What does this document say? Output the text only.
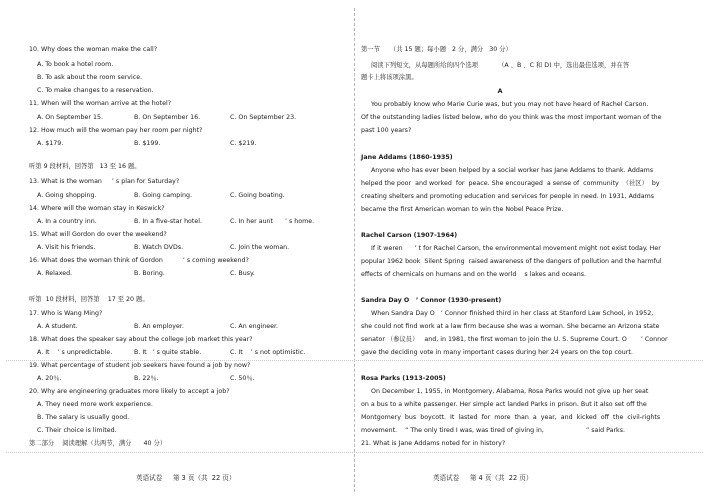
10. Why does the woman make the call?
A. To book a hotel room.
B. To ask about the room service.
C. To make changes to a reservation.
11. When will the woman arrive at the hotel?
A. On September 15.	B. On September 16.	C. On September 23.
12. How much will the woman pay her room per night?
A. $179.	B. $199.	C. $219.
听第 9 段材料，回答第   13 至 16 题。
13. What is the woman     ’ s plan for Saturday?
A. Going shopping.	B. Going camping.	C. Going boating.
14. Where will the woman stay in Keswick?
A. In a country inn.	B. In a five-star hotel.	C. In her aunt      ’ s home.
15. What will Gordon do over the weekend?
A. Visit his friends.	B. Watch DVDs.	C. Join the woman.
16. What does the woman think of Gordon          ’ s coming weekend?
A. Relaxed.	B. Boring.	C. Busy.
听第  10 段材料，回答第    17 至 20 题。
17. Who is Wang Ming?
A. A student.	B. An employer.	C. An engineer.
18. What does the speaker say about the college job market this year?
A. It    ’ s unpredictable.	B. It   ’ s quite stable.	C. It    ’ s not optimistic.
19. What percentage of student job seekers have found a job by now?
A. 20％.	B. 22％.	C. 50％.
20. Why are engineering graduates more likely to accept a job?
A. They need more work experience.
B. The salary is usually good.
C. Their choice is limited.
第二部分    阅读理解（共两节，满分      40 分）
英语试卷     第 3 页（共  22 页）
第一节     （共 15 题；每小题   2 分，满分   30 分）
阅读下列短文，从每题所给的四个选项          （A 、B 、C 和 D) 中，选出最佳选项，并在答
题卡上将该项涂黑。
A
You probably know who Marie Curie was, but you may not have heard of Rachel Carson.
Of the outstanding ladies listed below, who do you think was the most important woman of the
past 100 years?
Jane Addams (1860-1935)
Anyone who has ever been helped by a social worker has Jane Addams to thank. Addams
helped the poor  and worked  for  peace. She encouraged  a sense of  community  （社区）  by
creating shelters and promoting education and services for people in need. In 1931, Addams
became the first American woman to win the Nobel Peace Prize.
Rachel Carson (1907-1964)
If it weren      ’ t for Rachel Carson, the environmental movement might not exist today. Her
popular 1962 book  Silent Spring  raised awareness of the dangers of pollution and the harmful
effects of chemicals on humans and on the world    s lakes and oceans.
Sandra Day O   ’ Connor (1930-present)
When Sandra Day O   ’ Connor finished third in her class at Stanford Law School, in 1952,
she could not find work at a law firm because she was a woman. She became an Arizona state
senator （参议员）   and, in 1981, the first woman to join the U. S. Supreme Court. O       ’ Connor
gave the deciding vote in many important cases during her 24 years on the top court.
Rosa Parks (1913-2005)
On December 1, 1955, in Montgomery, Alabama, Rosa Parks would not give up her seat
on a bus to a white passenger. Her simple act landed Parks in prison. But it also set off the
Montgomery  bus  boycott.  It  lasted  for  more  than  a  year,  and  kicked  off  the  civil-rights
movement.    “ The only tired I was, was tired of giving in,                     ” said Parks.
21. What is Jane Addams noted for in history?
英语试卷     第 4 页（共  22 页）
